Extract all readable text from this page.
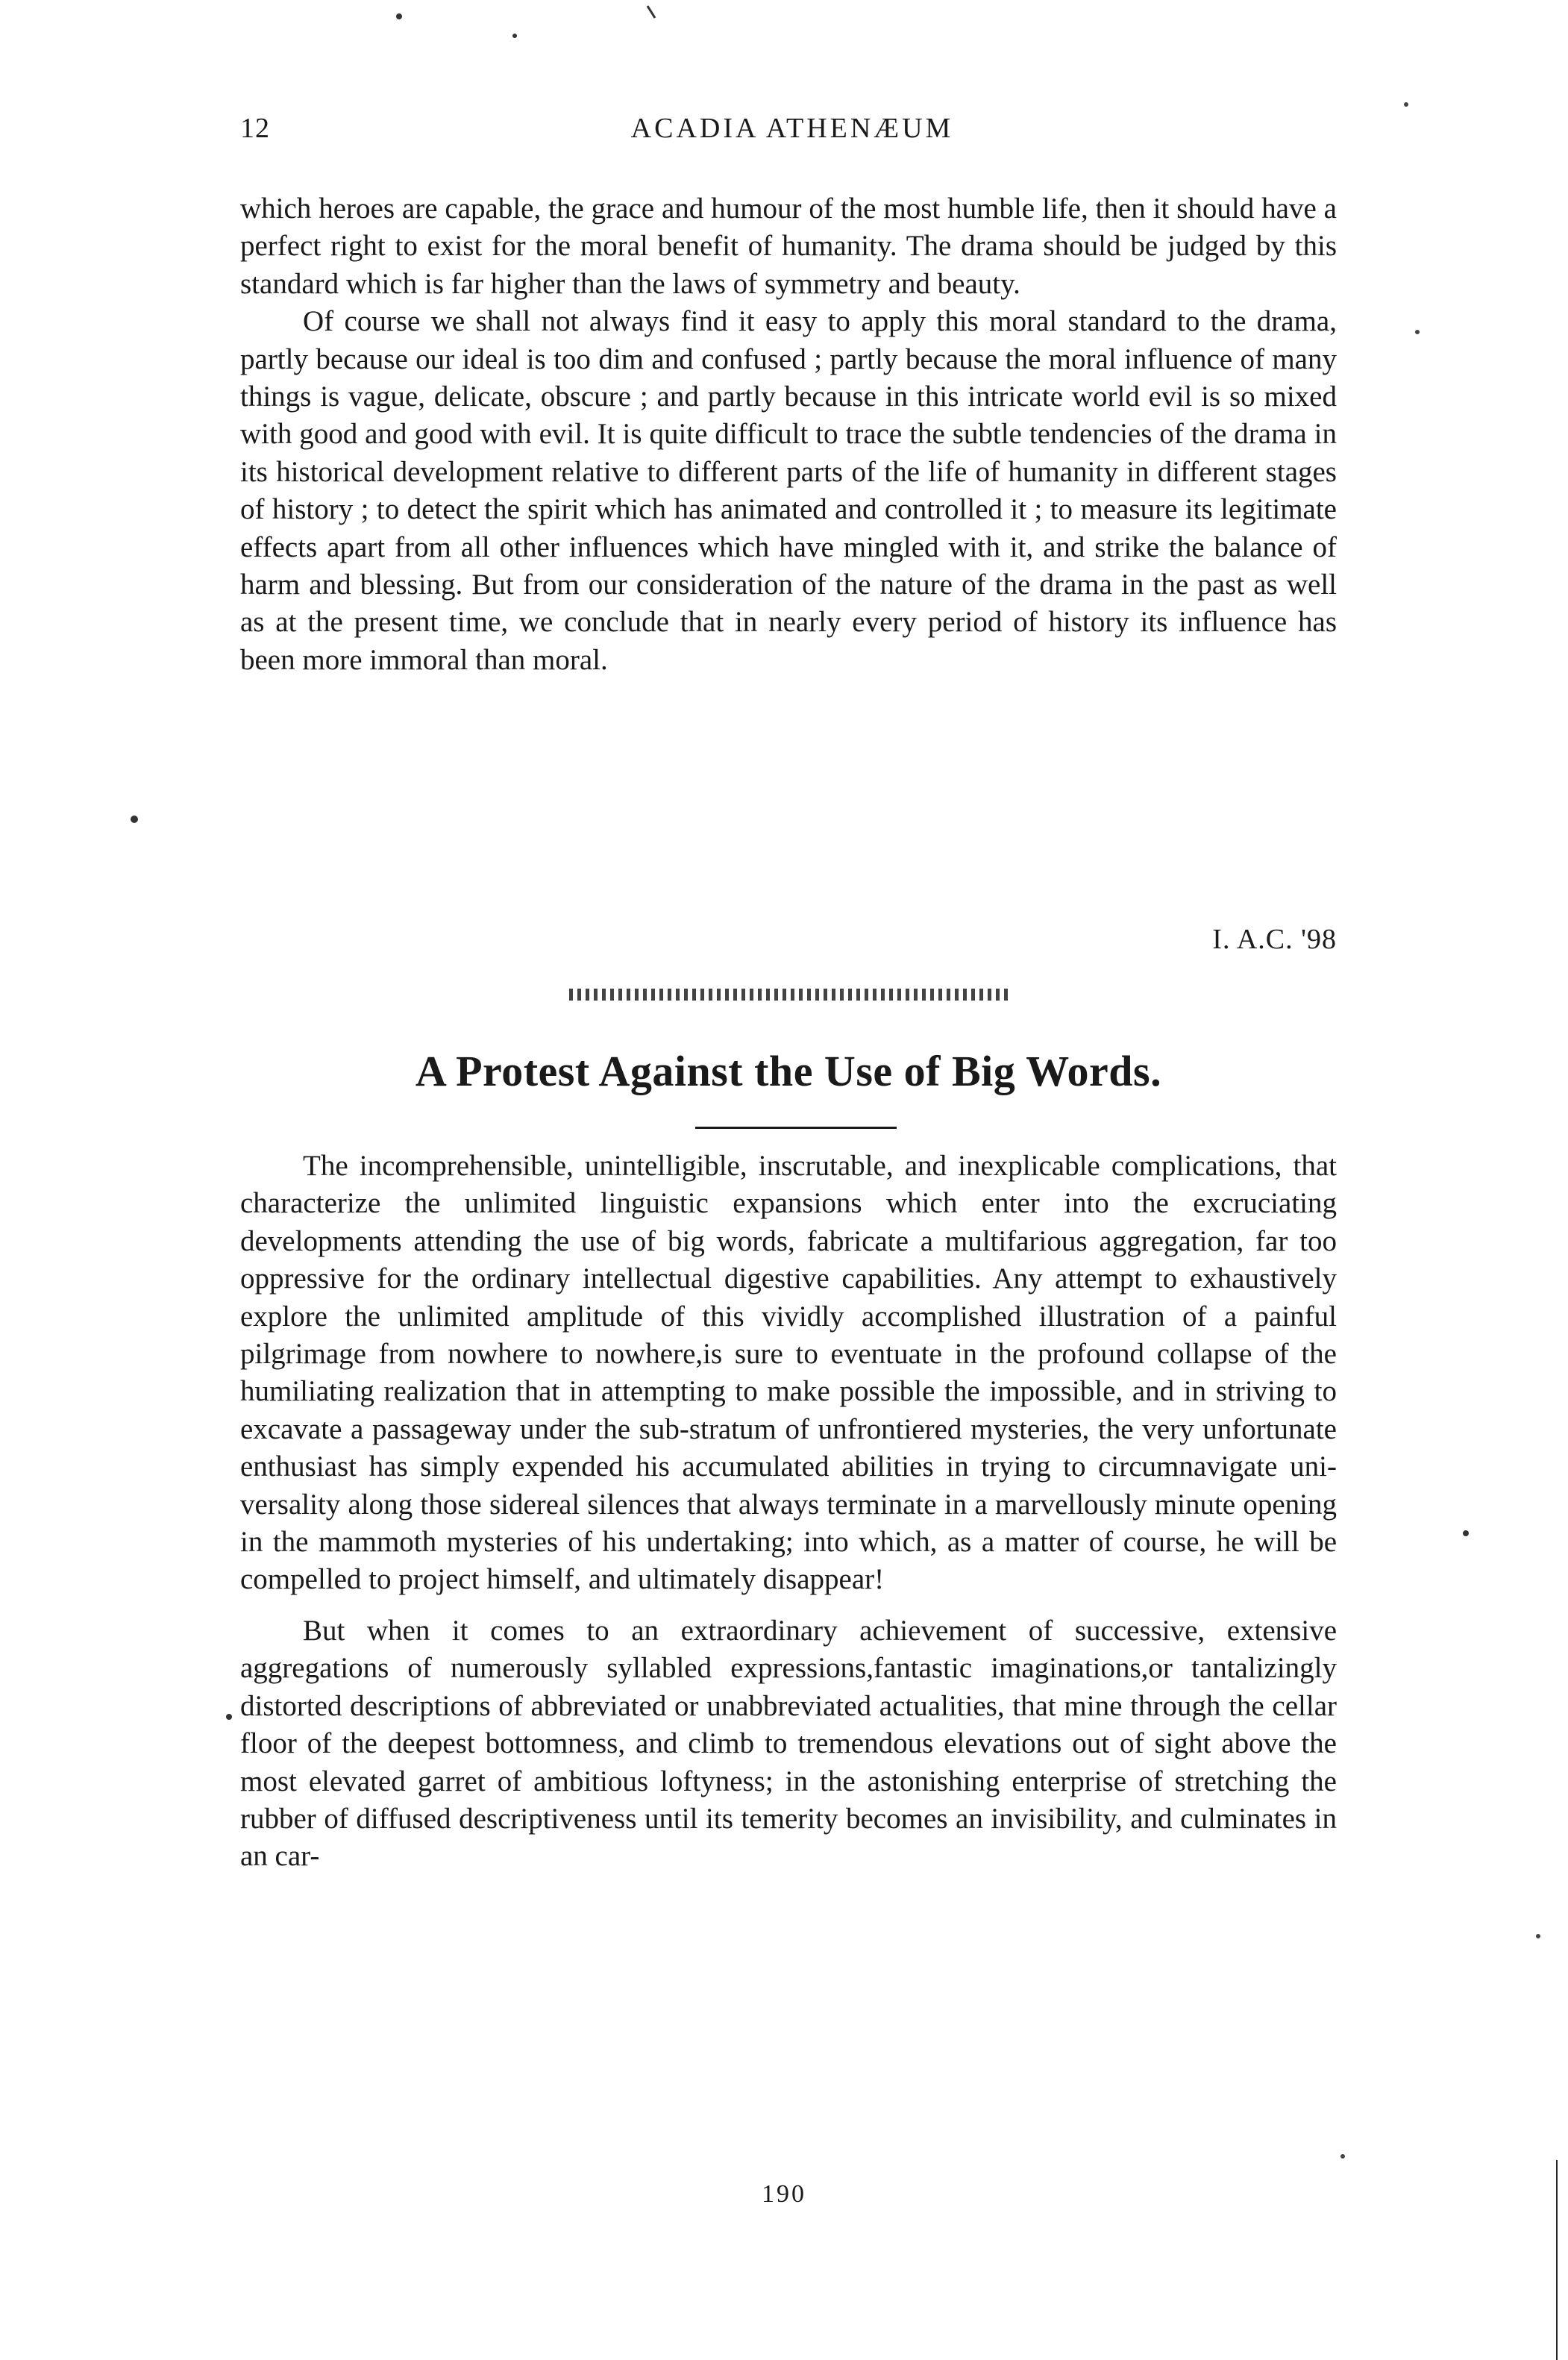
12	ACADIA ATHENÆUM

which heroes are capable, the grace and humour of the most humble life, then it should have a perfect right to exist for the moral benefit of humanity. The drama should be judged by this standard which is far higher than the laws of symmetry and beauty.

Of course we shall not always find it easy to apply this moral standard to the drama, partly because our ideal is too dim and confused ; partly because the moral influence of many things is vague, delicate, obscure ; and partly because in this intricate world evil is so mixed with good and good with evil. It is quite difficult to trace the subtle tendencies of the drama in its historical development relative to different parts of the life of humanity in different stages of history ; to detect the spirit which has animated and controlled it ; to measure its legitimate effects apart from all other influences which have mingled with it, and strike the balance of harm and blessing. But from our consideration of the nature of the drama in the past as well as at the present time, we conclude that in nearly every period of history its influence has been more immoral than moral.

I. A.C. '98
A Protest Against the Use of Big Words.

The incomprehensible, unintelligible, inscrutable, and inexplicable complications, that characterize the unlimited linguistic expansions which enter into the excruciating developments attending the use of big words, fabricate a multifarious aggregation, far too oppressive for the ordinary intellectual digestive capabilities. Any attempt to exhaustively explore the unlimited amplitude of this vividly accomplished illustration of a painful pilgrimage from nowhere to nowhere,is sure to eventuate in the profound collapse of the humiliating realization that in attempting to make possible the impossible, and in striving to excavate a passageway under the sub-stratum of unfrontiered mysteries, the very unfortunate enthusiast has simply expended his accumulated abilities in trying to circumnavigate universality along those sidereal silences that always terminate in a marvellously minute opening in the mammoth mysteries of his undertaking; into which, as a matter of course, he will be compelled to project himself, and ultimately disappear!

But when it comes to an extraordinary achievement of successive, extensive aggregations of numerously syllabled expressions,fantastic imaginations,or tantalizingly distorted descriptions of abbreviated or unabbreviated actualities, that mine through the cellar floor of the deepest bottomness, and climb to tremendous elevations out of sight above the most elevated garret of ambitious loftyness; in the astonishing enterprise of stretching the rubber of diffused descriptiveness until its temerity becomes an invisibility, and culminates in an car-

190
